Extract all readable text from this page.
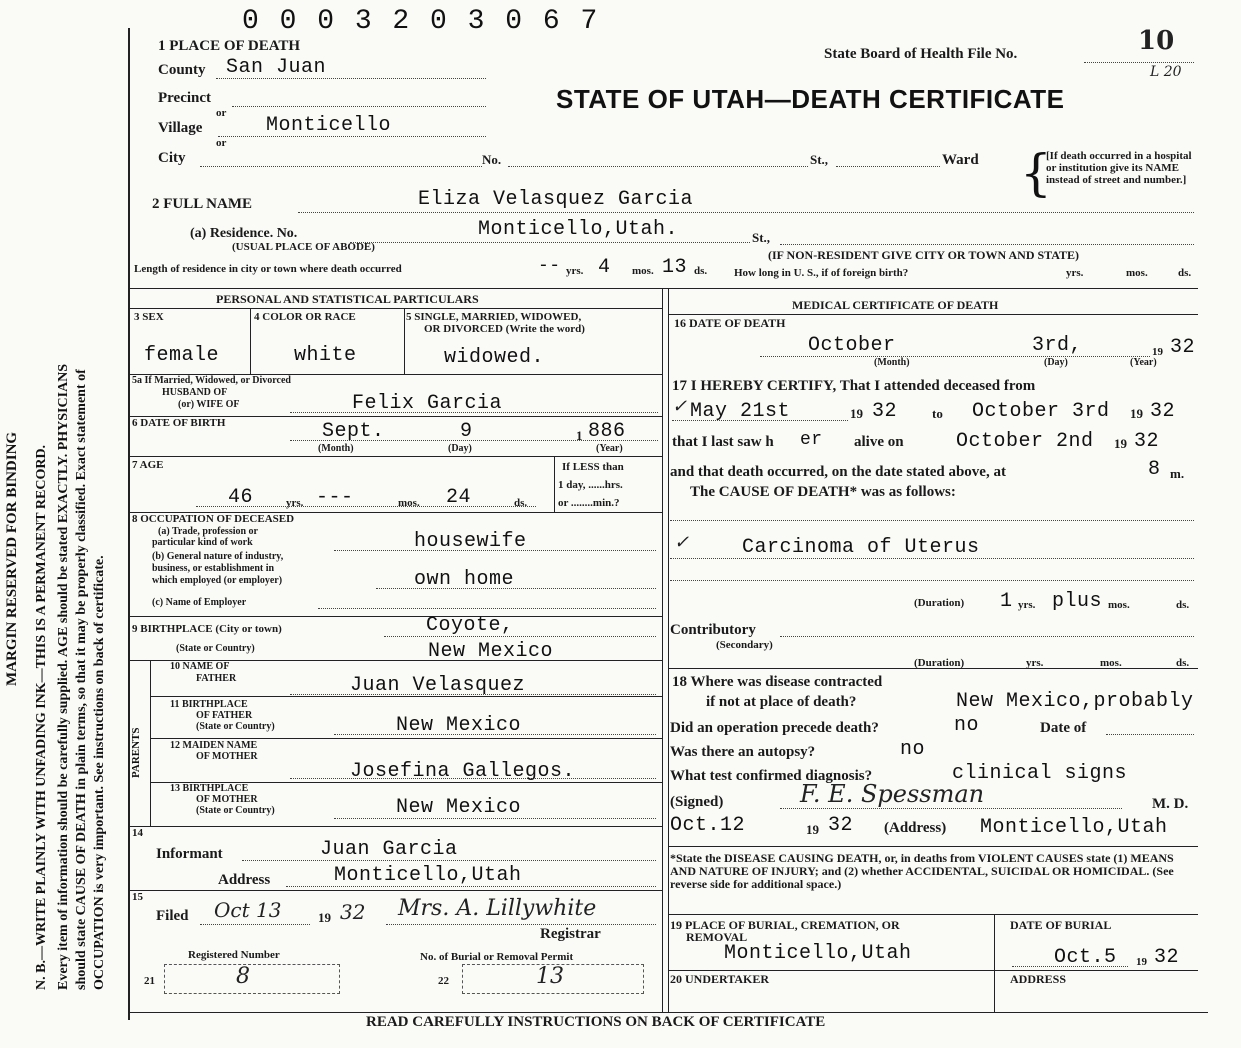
0 0 0 3 2 0 3 0 6 7
MARGIN RESERVED FOR BINDING N. B.—WRITE PLAINLY WITH UNFADING INK—THIS IS A PERMANENT RECORD. Every item of information should be carefully supplied. AGE should be stated EXACTLY. PHYSICIANS should state CAUSE OF DEATH in plain terms, so that it may be properly classified. Exact statement of OCCUPATION is very important. See instructions on back of certificate.
1 PLACE OF DEATH	State Board of Health File No.	10
L 20
STATE OF UTAH—DEATH CERTIFICATE
County San Juan
Precinct
or
Village	Monticello
or
City	No.	St.,	Ward {
[If death occurred in a hospital or institution give its NAME instead of street and number.]
2 FULL NAME	Eliza Velasquez Garcia
(a) Residence. No.	Monticello,Utah.	St.,
(USUAL PLACE OF ABODE)
(IF NON-RESIDENT GIVE CITY OR TOWN AND STATE)
Length of residence in city or town where death occurred	-- yrs. 4 mos. 13 ds. How long in U. S., if of foreign birth?	yrs.	mos.	ds.
PERSONAL AND STATISTICAL PARTICULARS	MEDICAL CERTIFICATE OF DEATH
3 SEX
female
4 COLOR OR RACE
white
5 SINGLE, MARRIED, WIDOWED,
OR DIVORCED (Write the word)
widowed.
5a If Married, Widowed, or Divorced
HUSBAND OF
(or) WIFE OF	Felix Garcia
6 DATE OF BIRTH	Sept.	9	1 886
(Month)	(Day)	(Year)
7 AGE
46	yrs. ---	mos. 24	ds.
If LESS than
1 day, ......hrs.
or ........min.?
8 OCCUPATION OF DECEASED
(a) Trade, profession or
particular kind of work	housewife
(b) General nature of industry,
business, or establishment in
which employed (or employer)	own home
(c) Name of Employer
9 BIRTHPLACE (City or town)	Coyote,
(State or Country)	New Mexico
PARENTS
10 NAME OF
FATHER	Juan Velasquez
11 BIRTHPLACE
OF FATHER
(State or Country)	New Mexico
12 MAIDEN NAME
OF MOTHER
Josefina Gallegos.
13 BIRTHPLACE
OF MOTHER
(State or Country)	New Mexico
14
Informant	Juan Garcia
Address	Monticello,Utah
15
Filed Oct 13	19 32 Mrs. A. Lillywhite
Registrar
Registered Number	No. of Burial or Removal Permit
21	8	22	13
16 DATE OF DEATH
October	3rd,	19 32
(Month)	(Day)	(Year)
17 I HEREBY CERTIFY, That I attended deceased from
✓ May 21st	19 32	to October 3rd 19 32
that I last saw h er alive on	October 2nd 19 32
and that death occurred, on the date stated above, at	8 m.
The CAUSE OF DEATH* was as follows:
✓	Carcinoma of Uterus
(Duration) 1 yrs. plus mos.	ds.
Contributory
(Secondary)
(Duration)	yrs.	mos.	ds.
18 Where was disease contracted
if not at place of death?	New Mexico,probably
Did an operation precede death?	no	Date of
Was there an autopsy?	no
What test confirmed diagnosis?	clinical signs
(Signed)	F. E. Spessman	M. D.
Oct.12	19 32 (Address) Monticello,Utah
*State the DISEASE CAUSING DEATH, or, in deaths from VIOLENT CAUSES state (1) MEANS AND NATURE OF INJURY; and (2) whether ACCIDENTAL, SUICIDAL OR HOMICIDAL. (See reverse side for additional space.)
19 PLACE OF BURIAL, CREMATION, OR
REMOVAL
Monticello,Utah
DATE OF BURIAL
Oct.5 19 32
20 UNDERTAKER	ADDRESS
READ CAREFULLY INSTRUCTIONS ON BACK OF CERTIFICATE
